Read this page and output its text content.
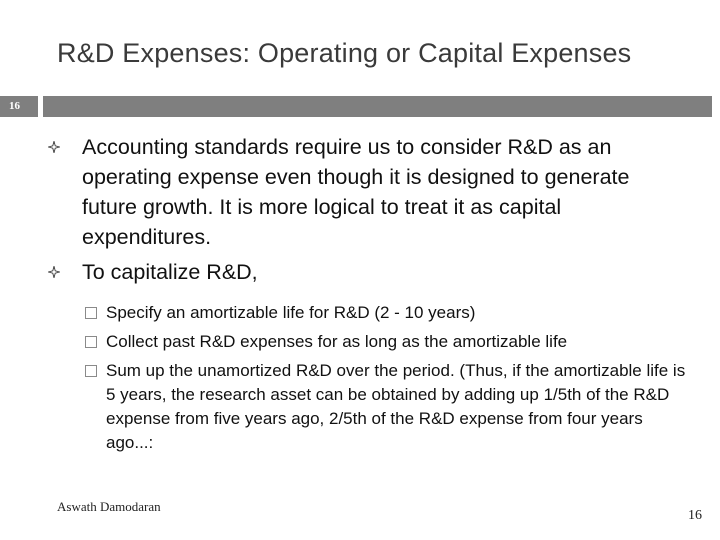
R&D Expenses: Operating or Capital Expenses
16
Accounting standards require us to consider R&D as an operating expense even though it is designed to generate future growth. It is more logical to treat it as capital expenditures.
To capitalize R&D,
Specify an amortizable life for R&D (2 - 10 years)
Collect past R&D expenses for as long as the amortizable life
Sum up the unamortized R&D over the period. (Thus, if the amortizable life is 5 years, the research asset can be obtained by adding up 1/5th of the R&D expense from five years ago, 2/5th of the R&D expense from four years ago...:
Aswath Damodaran
16
